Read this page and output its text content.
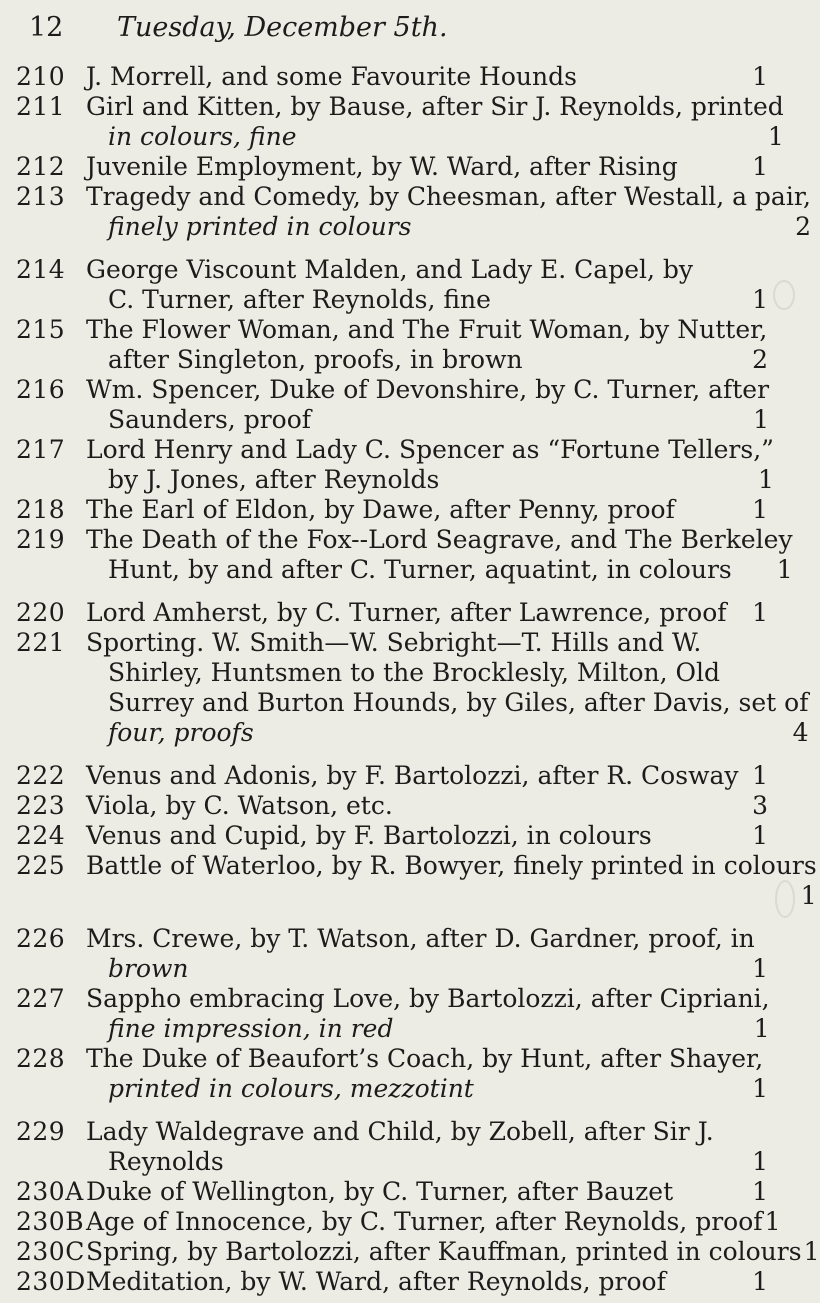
12 Tuesday, December 5th.
210 J. Morrell, and some Favourite Hounds	1
211 Girl and Kitten, by Bause, after Sir J. Reynolds, printed
in colours, fine	1
212 Juvenile Employment, by W. Ward, after Rising	1
213 Tragedy and Comedy, by Cheesman, after Westall, a pair,
finely printed in colours	2
214 George Viscount Malden, and Lady E. Capel, by
C. Turner, after Reynolds, fine	1
215 The Flower Woman, and The Fruit Woman, by Nutter,
after Singleton, proofs, in brown	2
216 Wm. Spencer, Duke of Devonshire, by C. Turner, after
Saunders, proof	1
217 Lord Henry and Lady C. Spencer as “Fortune Tellers,”
by J. Jones, after Reynolds	1
218 The Earl of Eldon, by Dawe, after Penny, proof	1
219 The Death of the Fox--Lord Seagrave, and The Berkeley
Hunt, by and after C. Turner, aquatint, in colours	1
220 Lord Amherst, by C. Turner, after Lawrence, proof	1
221 Sporting. W. Smith—W. Sebright—T. Hills and W.
Shirley, Huntsmen to the Brocklesly, Milton, Old
Surrey and Burton Hounds, by Giles, after Davis, set of
four, proofs	4
222 Venus and Adonis, by F. Bartolozzi, after R. Cosway 1
223 Viola, by C. Watson, etc.	3
224 Venus and Cupid, by F. Bartolozzi, in colours	1
225 Battle of Waterloo, by R. Bowyer, finely printed in colours
1
226 Mrs. Crewe, by T. Watson, after D. Gardner, proof, in
brown	1
227 Sappho embracing Love, by Bartolozzi, after Cipriani,
fine impression, in red	1
228 The Duke of Beaufort’s Coach, by Hunt, after Shayer,
printed in colours, mezzotint	1
229 Lady Waldegrave and Child, by Zobell, after Sir J.
Reynolds	1
230A Duke of Wellington, by C. Turner, after Bauzet	1
230B Age of Innocence, by C. Turner, after Reynolds, proof 1
230C Spring, by Bartolozzi, after Kauffman, printed in colours 1
230D Meditation, by W. Ward, after Reynolds, proof	1
